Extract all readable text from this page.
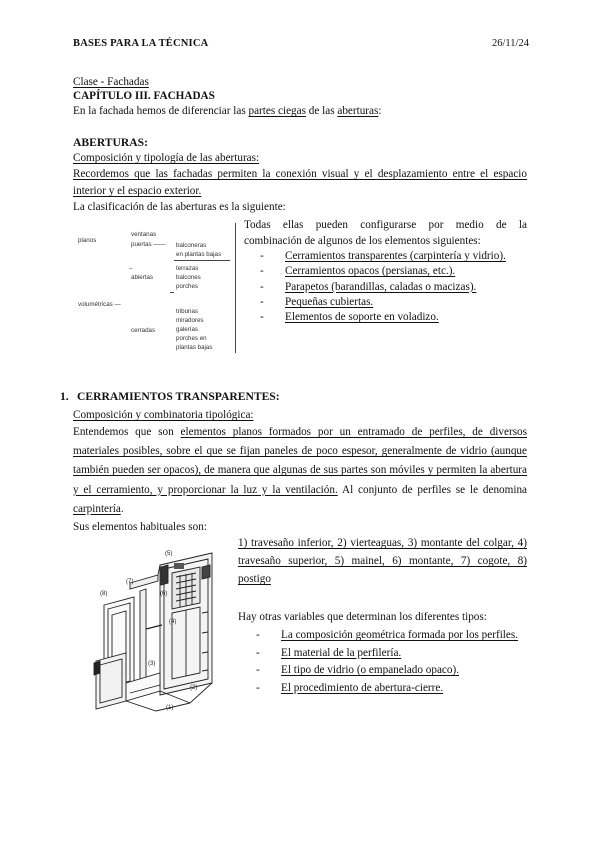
BASES PARA LA TÉCNICA	26/11/24
Clase - Fachadas
CAPÍTULO III. FACHADAS
En la fachada hemos de diferenciar las partes ciegas de las aberturas:
ABERTURAS:
Composición y tipología de las aberturas:
Recordemos que las fachadas permiten la conexión visual y el desplazamiento entre el espacio
interior y el espacio exterior.
La clasificación de las aberturas es la siguiente:
planos
ventanas
puertas —— balconeras
en plantas bajas
–
abiertas
terrazas
balcones
porches
volumétricas —
cerradas
tribunas
miradores
galerías
porches en
plantas bajas
Todas ellas pueden configurarse por medio de la
combinación de algunos de los elementos siguientes:
- Cerramientos transparentes (carpintería y vidrio).
- Cerramientos opacos (persianas, etc.).
- Parapetos (barandillas, caladas o macizas).
- Pequeñas cubiertas.
- Elementos de soporte en voladizo.
1. CERRAMIENTOS TRANSPARENTES:
Composición y combinatoria tipológica:

Entendemos que son elementos planos formados por un entramado de perfiles, de diversos materiales posibles, sobre el que se fijan paneles de poco espesor, generalmente de vidrio (aunque también pueden ser opacos), de manera que algunas de sus partes son móviles y permiten la abertura y el cerramiento, y proporcionar la luz y la ventilación. Al conjunto de perfiles se le denomina carpintería.

Sus elementos habituales son:
(5)
(7)
(8)	(6)
(4)
(3)
(2)
(1)
1) travesaño inferior, 2) vierteaguas, 3) montante del colgar, 4)
travesaño superior, 5) mainel, 6) montante, 7) cogote, 8)
postigo
Hay otras variables que determinan los diferentes tipos:
- La composición geométrica formada por los perfiles.
- El material de la perfilería.
- El tipo de vidrio (o empanelado opaco).
- El procedimiento de abertura-cierre.
